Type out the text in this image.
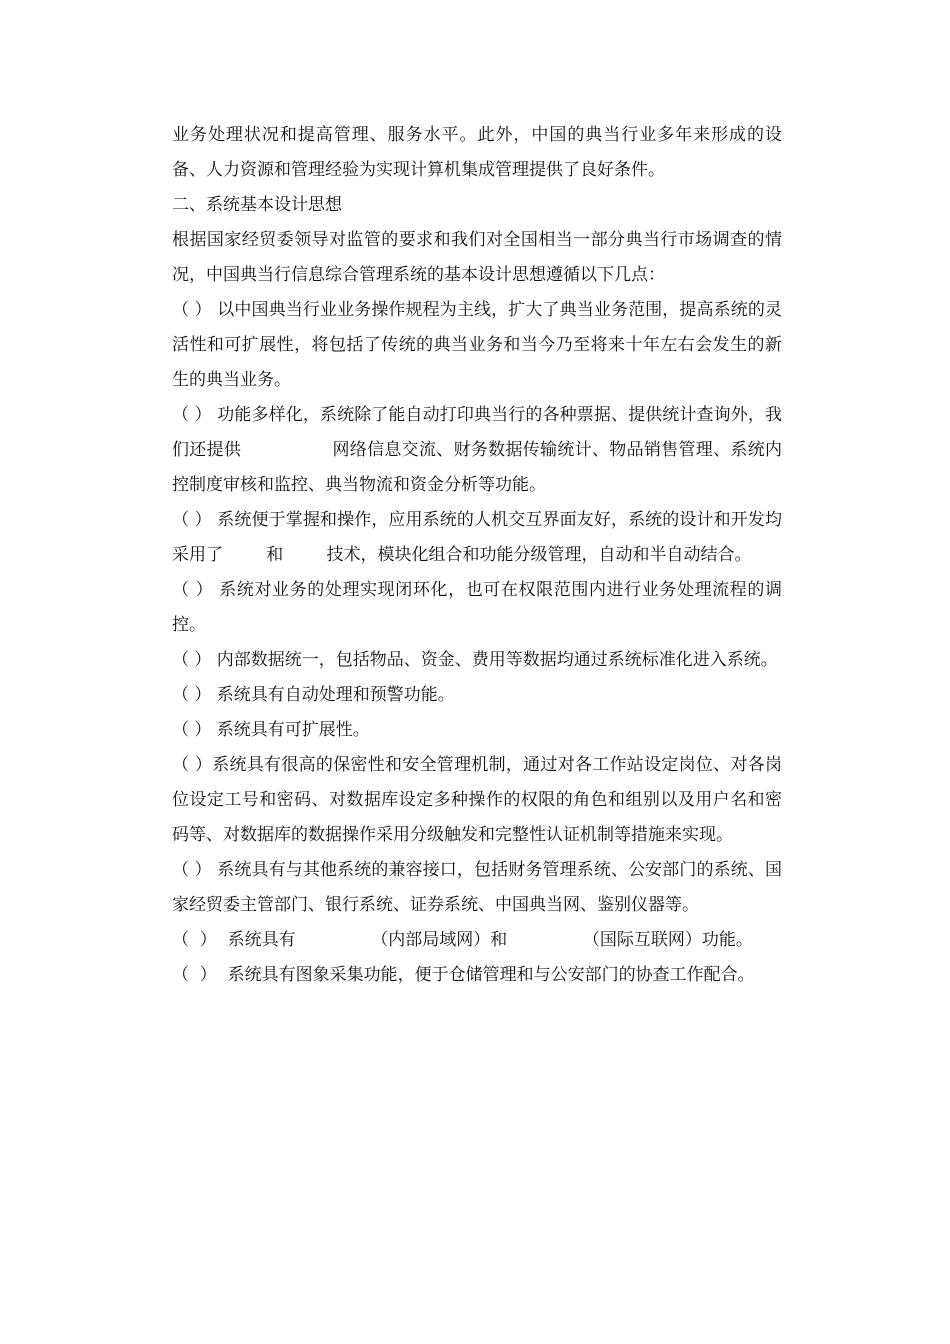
业务处理状况和提高管理、服务水平。此外，中国的典当行业多年来形成的设备、人力资源和管理经验为实现计算机集成管理提供了良好条件。

二、系统基本设计思想

根据国家经贸委领导对监管的要求和我们对全国相当一部分典当行市场调查的情况，中国典当行信息综合管理系统的基本设计思想遵循以下几点：

（ ） 以中国典当行业业务操作规程为主线，扩大了典当业务范围，提高系统的灵活性和可扩展性，将包括了传统的典当业务和当今乃至将来十年左右会发生的新生的典当业务。

（ ） 功能多样化，系统除了能自动打印典当行的各种票据、提供统计查询外，我们还提供                网络信息交流、财务数据传输统计、物品销售管理、系统内控制度审核和监控、典当物流和资金分析等功能。

（ ） 系统便于掌握和操作，应用系统的人机交互界面友好，系统的设计和开发均采用了        和        技术，模块化组合和功能分级管理，自动和半自动结合。

（ ） 系统对业务的处理实现闭环化，也可在权限范围内进行业务处理流程的调控。

（ ） 内部数据统一，包括物品、资金、费用等数据均通过系统标准化进入系统。

（ ） 系统具有自动处理和预警功能。

（ ） 系统具有可扩展性。

（ ）系统具有很高的保密性和安全管理机制，通过对各工作站设定岗位、对各岗位设定工号和密码、对数据库设定多种操作的权限的角色和组别以及用户名和密码等、对数据库的数据操作采用分级触发和完整性认证机制等措施来实现。

（ ） 系统具有与其他系统的兼容接口，包括财务管理系统、公安部门的系统、国家经贸委主管部门、银行系统、证券系统、中国典当网、鉴别仪器等。

（  ）  系统具有              （内部局域网）和              （国际互联网）功能。

（  ）  系统具有图象采集功能，便于仓储管理和与公安部门的协查工作配合。
